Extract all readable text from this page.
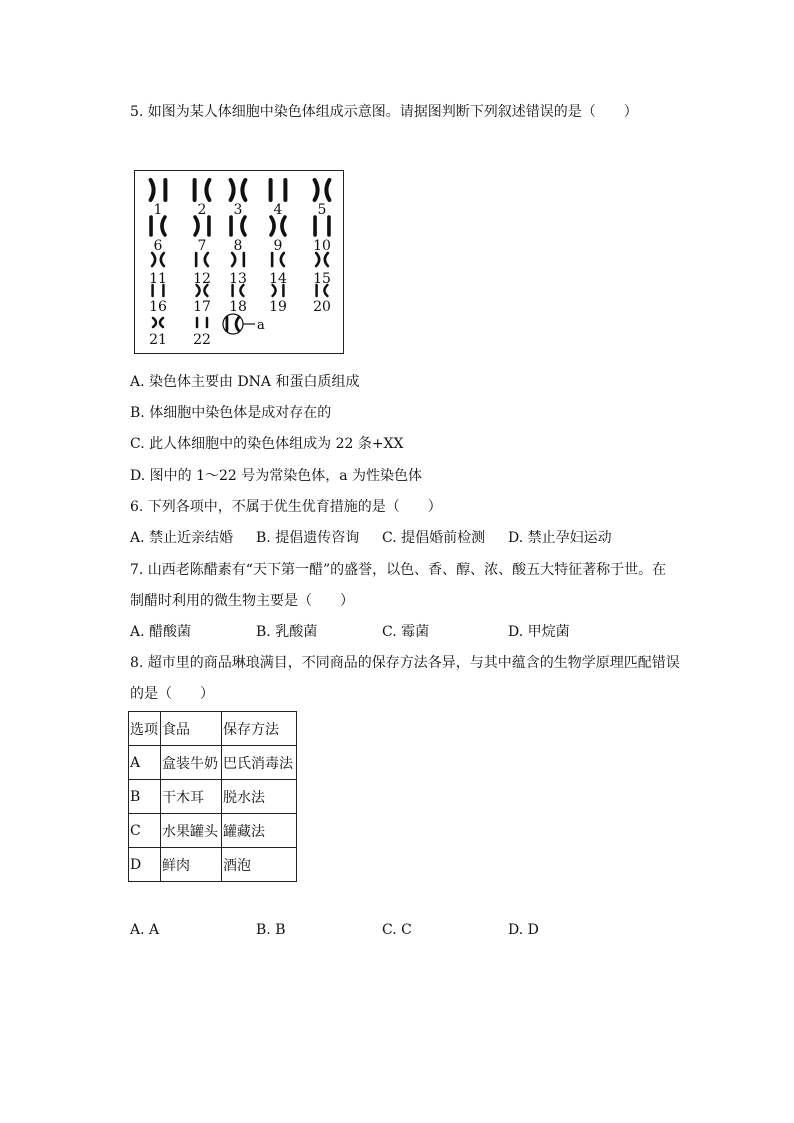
5. 如图为某人体细胞中染色体组成示意图。请据图判断下列叙述错误的是（　　）
1	2 3 4	5
6	7 8 9 10
11 12 13 14 15
16 17 18 19 20
21 22
a
A. 染色体主要由 DNA 和蛋白质组成
B. 体细胞中染色体是成对存在的
C. 此人体细胞中的染色体组成为 22 条+XX
D. 图中的 1～22 号为常染色体，a 为性染色体
6. 下列各项中，不属于优生优育措施的是（　　）
A. 禁止近亲结婚 B. 提倡遗传咨询 C. 提倡婚前检测 D. 禁止孕妇运动
7. 山西老陈醋素有“天下第一醋”的盛誉，以色、香、醇、浓、酸五大特征著称于世。在
制醋时利用的微生物主要是（　　）
A. 醋酸菌	B. 乳酸菌	C. 霉菌	D. 甲烷菌
8. 超市里的商品琳琅满目，不同商品的保存方法各异，与其中蕴含的生物学原理匹配错误
的是（　　）
选项	食品	保存方法
A	盒装牛奶	巴氏消毒法
B	干木耳	脱水法
C	水果罐头	罐藏法
D	鲜肉	酒泡
A. A	B. B	C. C	D. D
